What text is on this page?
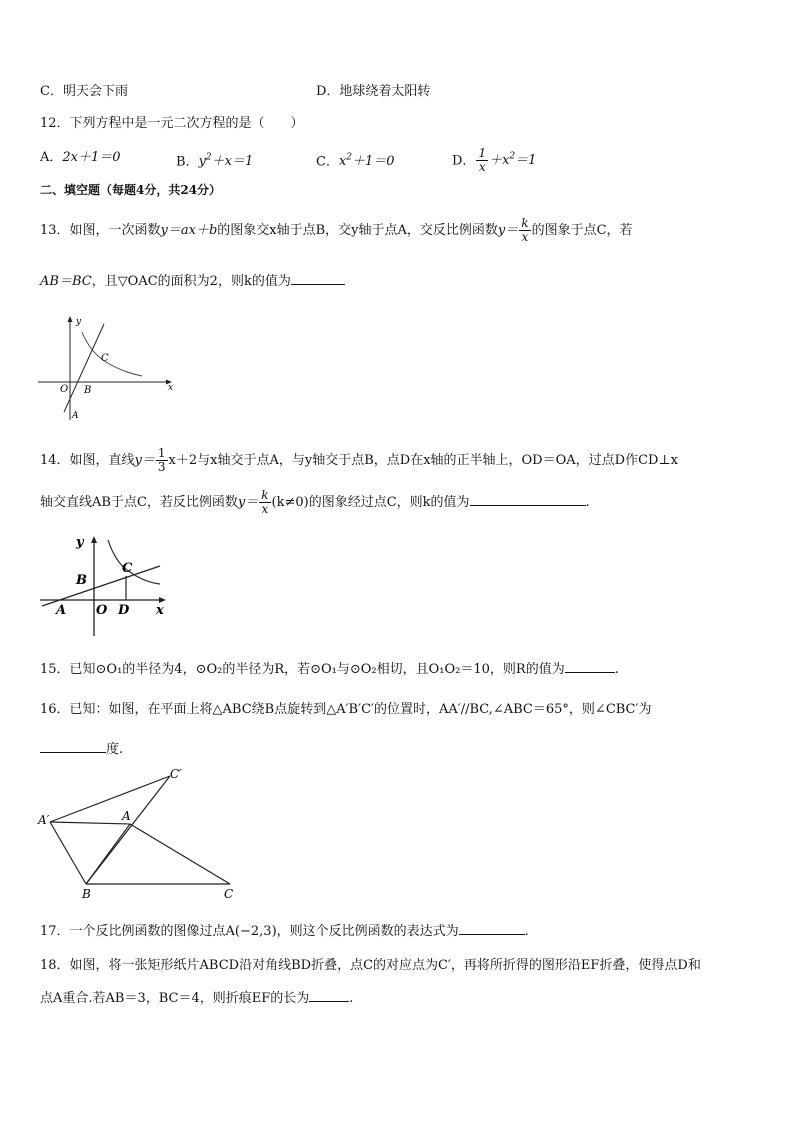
C．明天会下雨	D．地球绕着太阳转
12．下列方程中是一元二次方程的是（　　）
A．2x＋1＝0	B．$y^2+x=1$	C．$x^2+1=0$	D． $\frac{1}{x} +x^2=1$
二、填空题（每题4分，共24分）
13．如图，一次函数y＝ax＋b的图象交x轴于点B，交y轴于点A，交反比例函数$y= \frac{k}{x}$ 的图象于点C，若
AB＝BC，且▽OAC的面积为2，则k的值为
y
C
O B
A
x
14．如图，直线$y= \frac{1}{3} x+2$与x轴交于点A，与y轴交于点B，点D在x轴的正半轴上，OD＝OA，过点D作CD⊥x
轴交直线AB于点C，若反比例函数$y= \frac{k}{x} (k\ne 0)$的图象经过点C，则k的值为	.
y
C
B
A O D x
15．已知⊙O₁的半径为4，⊙O₂的半径为R，若⊙O₁与⊙O₂相切，且O₁O₂＝10，则R的值为	.
16．已知：如图，在平面上将△ABC绕B点旋转到△A′B′C′的位置时，AA′//BC,∠ABC＝65°，则∠CBC′为
度.
C′
A′	A
B	C
17．一个反比例函数的图像过点A(−2,3)，则这个反比例函数的表达式为	.
18．如图，将一张矩形纸片ABCD沿对角线BD折叠，点C的对应点为C′，再将所折得的图形沿EF折叠，使得点D和
点A重合.若AB＝3，BC＝4，则折痕EF的长为	.
